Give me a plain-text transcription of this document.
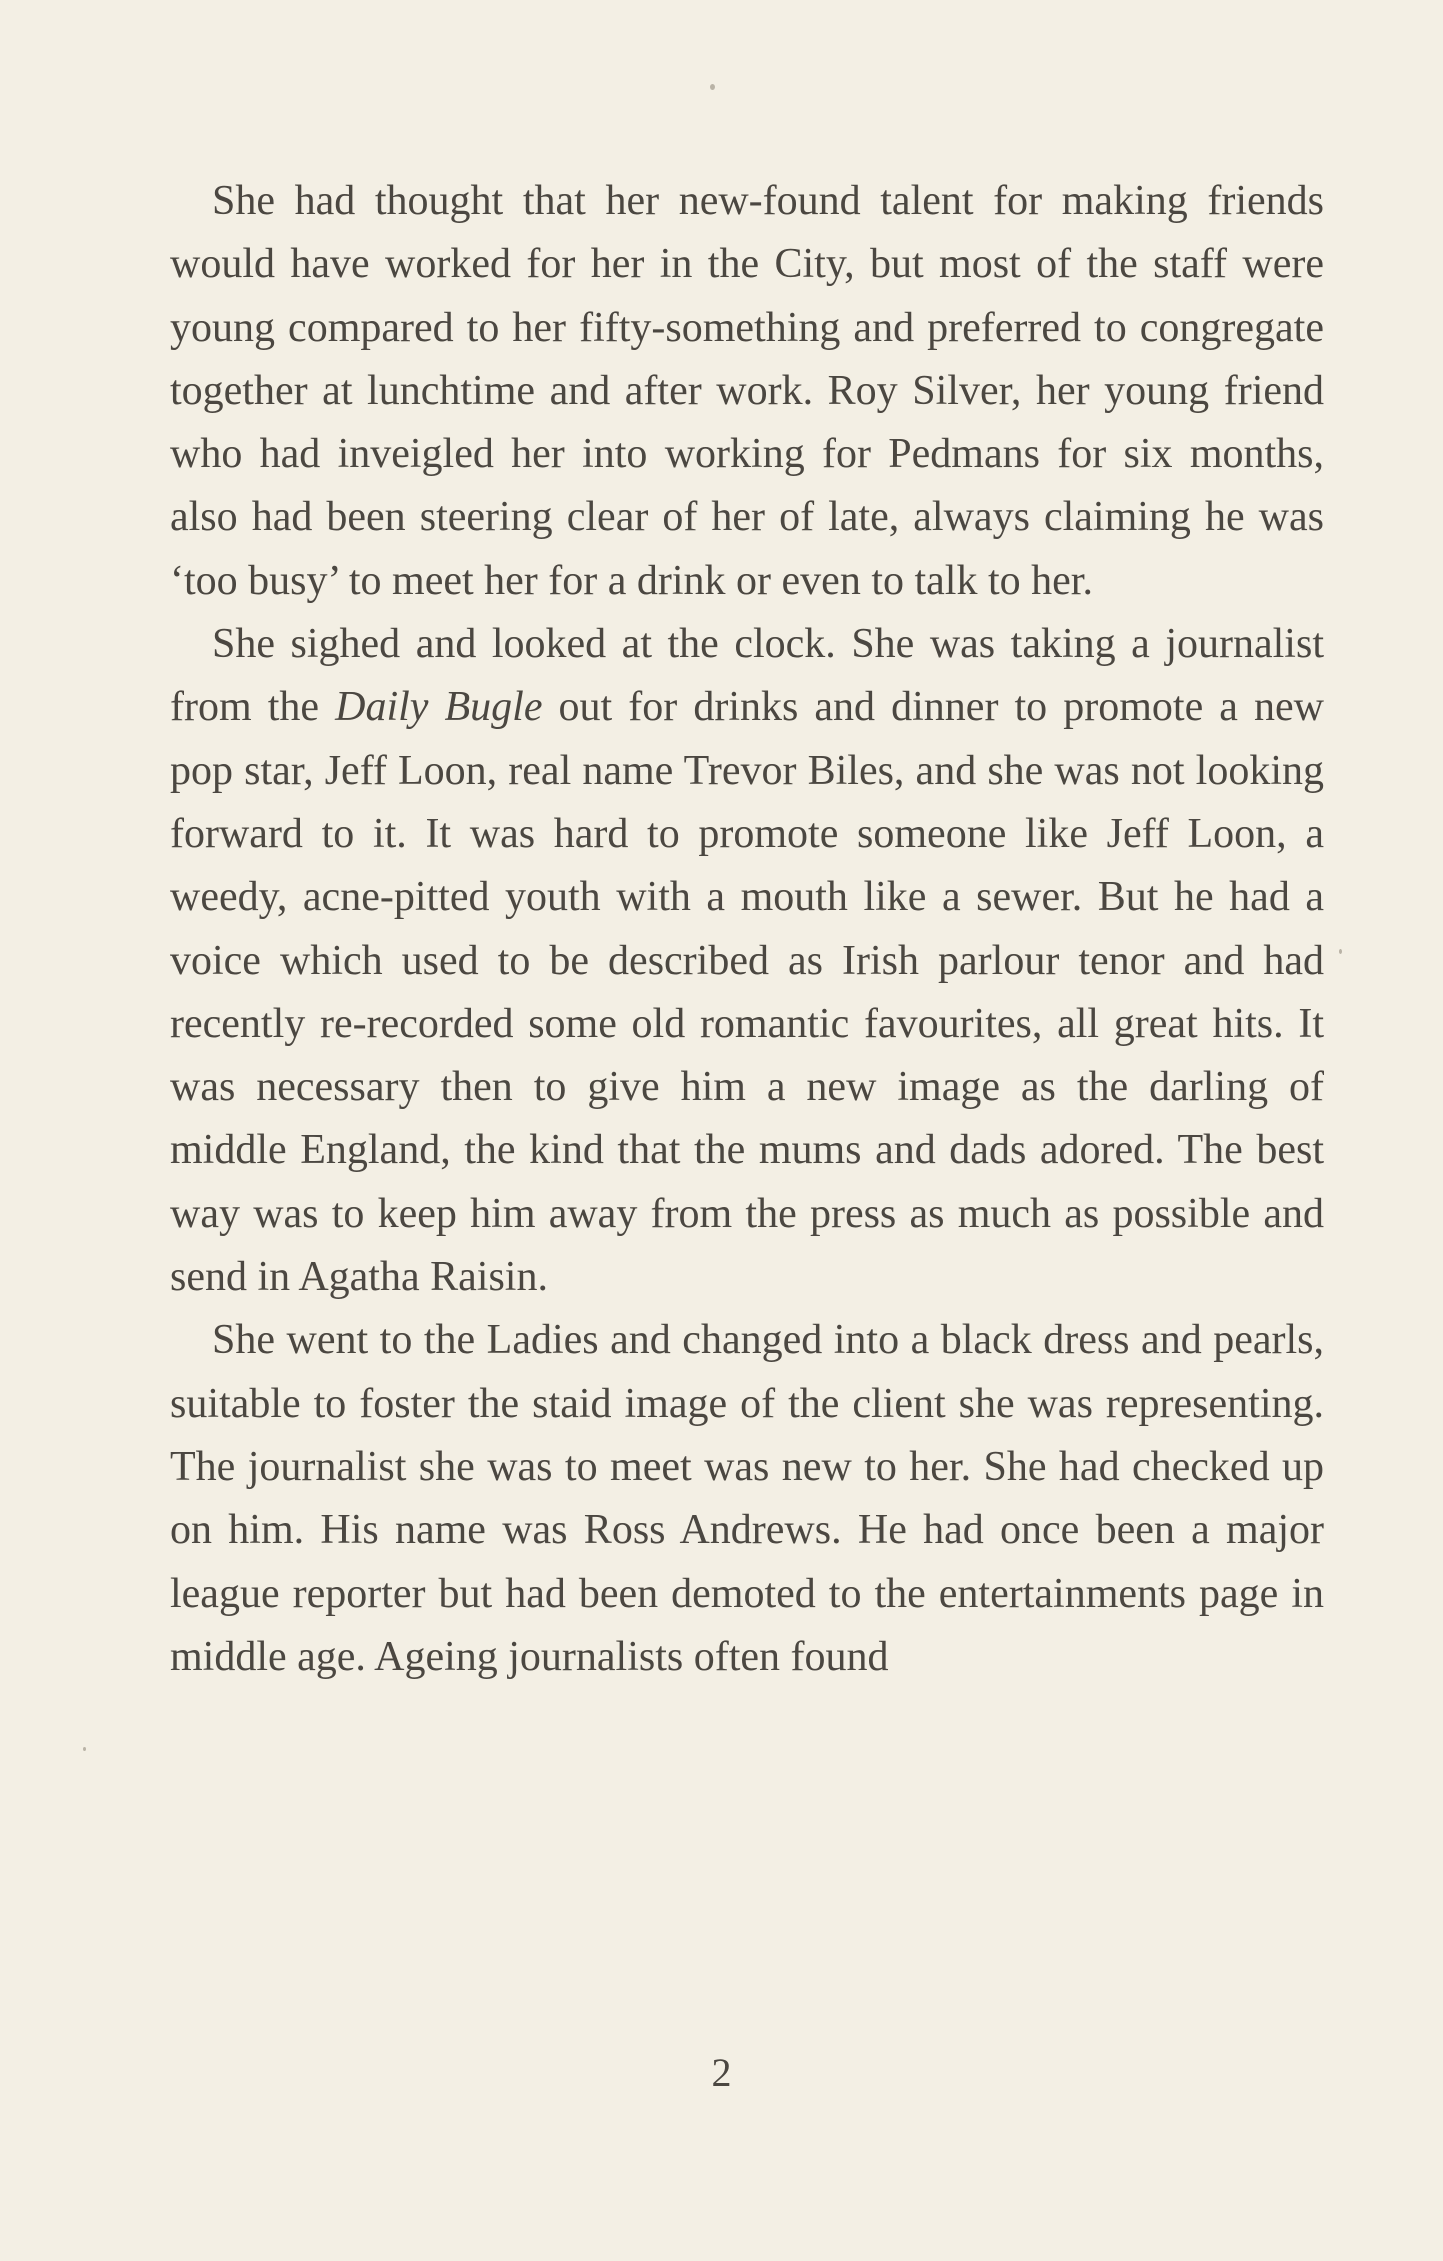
She had thought that her new-found talent for making friends would have worked for her in the City, but most of the staff were young compared to her fifty-something and preferred to congregate together at lunchtime and after work. Roy Silver, her young friend who had inveigled her into working for Pedmans for six months, also had been steering clear of her of late, always claiming he was ‘too busy’ to meet her for a drink or even to talk to her.

She sighed and looked at the clock. She was taking a journalist from the Daily Bugle out for drinks and dinner to promote a new pop star, Jeff Loon, real name Trevor Biles, and she was not looking forward to it. It was hard to promote someone like Jeff Loon, a weedy, acne-pitted youth with a mouth like a sewer. But he had a voice which used to be described as Irish parlour tenor and had recently re-recorded some old romantic favourites, all great hits. It was necessary then to give him a new image as the darling of middle England, the kind that the mums and dads adored. The best way was to keep him away from the press as much as possible and send in Agatha Raisin.

She went to the Ladies and changed into a black dress and pearls, suitable to foster the staid image of the client she was representing. The journalist she was to meet was new to her. She had checked up on him. His name was Ross Andrews. He had once been a major league reporter but had been demoted to the entertainments page in middle age. Ageing journalists often found

2
